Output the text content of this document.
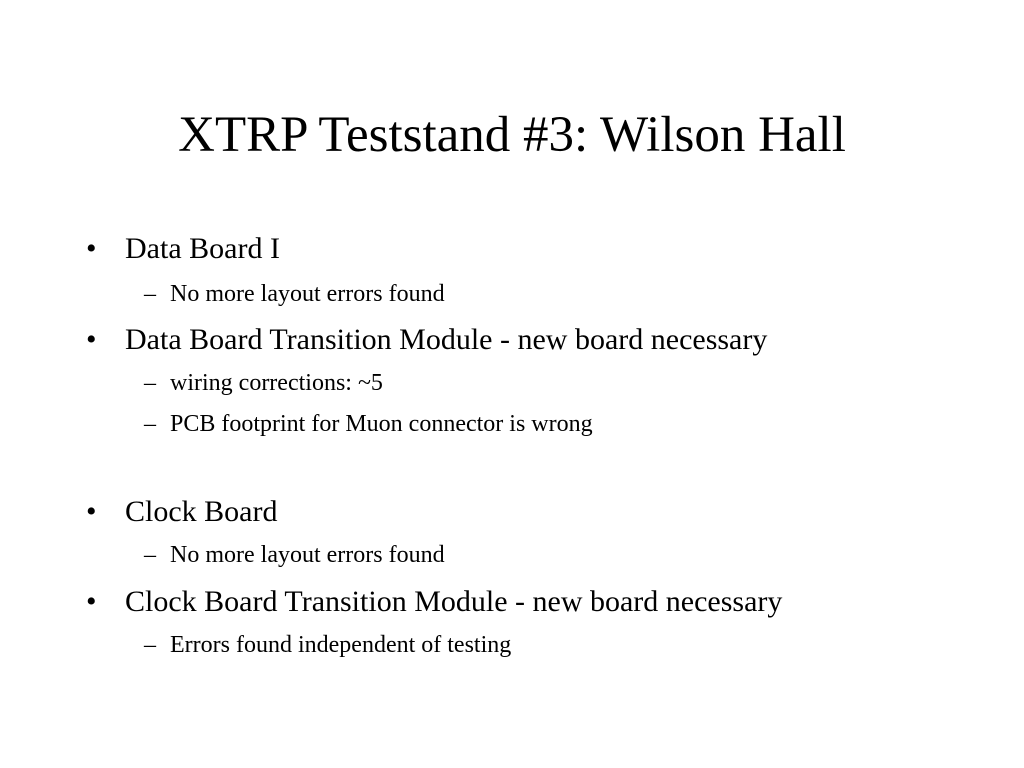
XTRP Teststand #3: Wilson Hall
• Data Board I
– No more layout errors found
• Data Board Transition Module - new board necessary
– wiring corrections: ~5
– PCB footprint for Muon connector is wrong
• Clock Board
– No more layout errors found
• Clock Board Transition Module - new board necessary
– Errors found independent of testing
